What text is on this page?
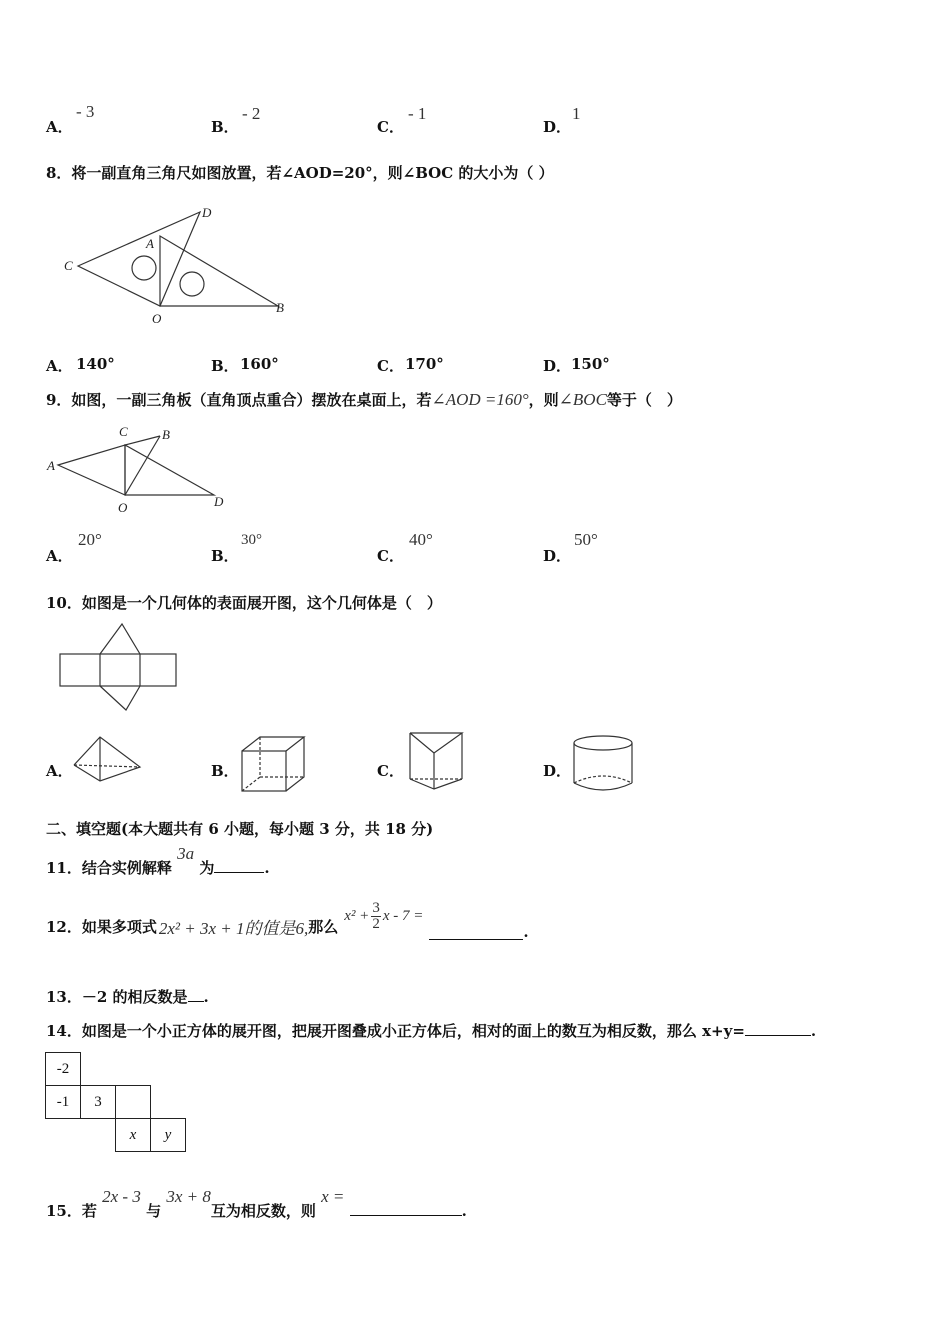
A．
- 3
B．
- 2
C．
- 1
D．
1
8．将一副直角三角尺如图放置，若∠AOD=20°，则∠BOC 的大小为（ ）
C
A
D
O
B
A． 140°	B． 160°	C． 170°	D． 150°
9．如图，一副三角板（直角顶点重合）摆放在桌面上，若∠AOD =160°，则∠BOC等于（　）
C	B
A
O	D
A．
20°
B．
30°
C．
40°
D．
50°
10．如图是一个几何体的表面展开图，这个几何体是（　）
A．	B．	C．	D．
二、填空题(本大题共有 6 小题，每小题 3 分，共 18 分)
11．结合实例解释 3a 为	.
12．如果多项式 2x² + 3x + 1的值是6, 那么
$x^2 + \frac{3}{2}$ x - 7 =
.
13．－2 的相反数是 .
14．如图是一个小正方体的展开图，把展开图叠成小正方体后，相对的面上的数互为相反数，那么 x+y=	.
-2			
-1	3		
		x	y
15．若 2x - 3 与 3x + 8互为相反数，则 x = .
